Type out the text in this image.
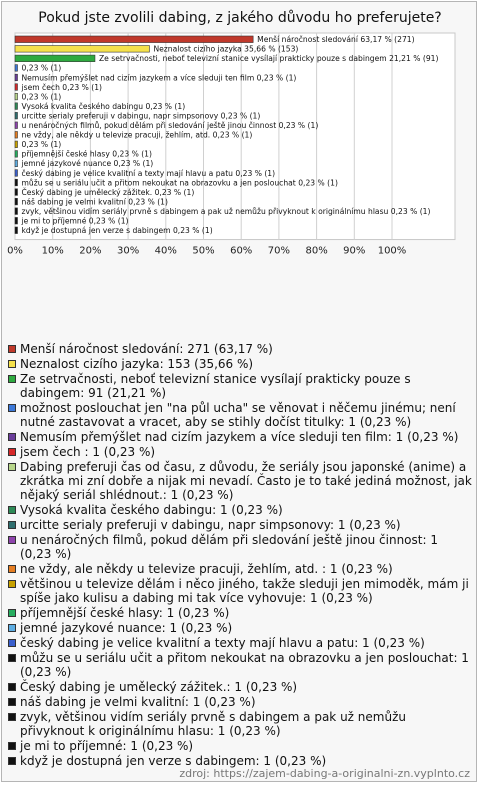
Pokud jste zvolili dabing, z jakého důvodu ho preferujete?
0% 10% 20% 30% 40% 50% 60% 70% 80% 90% 100%
Menší náročnost sledování 63,17 % (271)
Neznalost cizího jazyka 35,66 % (153)
Ze setrvačnosti, neboť televizní stanice vysílají prakticky pouze s dabingem 21,21 % (91)
0,23 % (1)
Nemusím přemýšlet nad cizím jazykem a více sleduji ten film 0,23 % (1)
jsem čech 0,23 % (1)
0,23 % (1)
Vysoká kvalita českého dabingu 0,23 % (1)
urcitte serialy preferuji v dabingu, napr simpsonovy 0,23 % (1)
u nenáročných filmů, pokud dělám při sledování ještě jinou činnost 0,23 % (1)
ne vždy, ale někdy u televize pracuji, žehlím, atd. 0,23 % (1)
0,23 % (1)
příjemnější české hlasy 0,23 % (1)
jemné jazykové nuance 0,23 % (1)
český dabing je velice kvalitní a texty mají hlavu a patu 0,23 % (1)
můžu se u seriálu učit a přitom nekoukat na obrazovku a jen poslouchat 0,23 % (1)
Český dabing je umělecký zážitek. 0,23 % (1)
náš dabing je velmi kvalitní 0,23 % (1)
zvyk, většinou vidím seriály prvně s dabingem a pak už nemůžu přivyknout k originálnímu hlasu 0,23 % (1)
je mi to příjemné 0,23 % (1)
když je dostupná jen verze s dabingem 0,23 % (1)
Menší náročnost sledování: 271 (63,17 %)
Neznalost cizího jazyka: 153 (35,66 %)
Ze setrvačnosti, neboť televizní stanice vysílají prakticky pouze s dabingem: 91 (21,21 %)
možnost poslouchat jen "na půl ucha" se věnovat i něčemu jinému; není nutné zastavovat a vracet, aby se stihly dočíst titulky: 1 (0,23 %)
Nemusím přemýšlet nad cizím jazykem a více sleduji ten film: 1 (0,23 %)
jsem čech : 1 (0,23 %)
Dabing preferuji čas od času, z důvodu, že seriály jsou japonské (anime) a zkrátka mi zní dobře a nijak mi nevadí. Často je to také jediná možnost, jak nějaký seriál shlédnout.: 1 (0,23 %)
Vysoká kvalita českého dabingu: 1 (0,23 %)
urcitte serialy preferuji v dabingu, napr simpsonovy: 1 (0,23 %)
u nenáročných filmů, pokud dělám při sledování ještě jinou činnost: 1 (0,23 %)
ne vždy, ale někdy u televize pracuji, žehlím, atd. : 1 (0,23 %)
většinou u televize dělám i něco jiného, takže sleduji jen mimoděk, mám ji spíše jako kulisu a dabing mi tak více vyhovuje: 1 (0,23 %)
příjemnější české hlasy: 1 (0,23 %)
jemné jazykové nuance: 1 (0,23 %)
český dabing je velice kvalitní a texty mají hlavu a patu: 1 (0,23 %)
můžu se u seriálu učit a přitom nekoukat na obrazovku a jen poslouchat: 1 (0,23 %)
Český dabing je umělecký zážitek.: 1 (0,23 %)
náš dabing je velmi kvalitní: 1 (0,23 %)
zvyk, většinou vidím seriály prvně s dabingem a pak už nemůžu přivyknout k originálnímu hlasu: 1 (0,23 %)
je mi to příjemné: 1 (0,23 %)
když je dostupná jen verze s dabingem: 1 (0,23 %)
zdroj: https://zajem-dabing-a-originalni-zn.vyplnto.cz
